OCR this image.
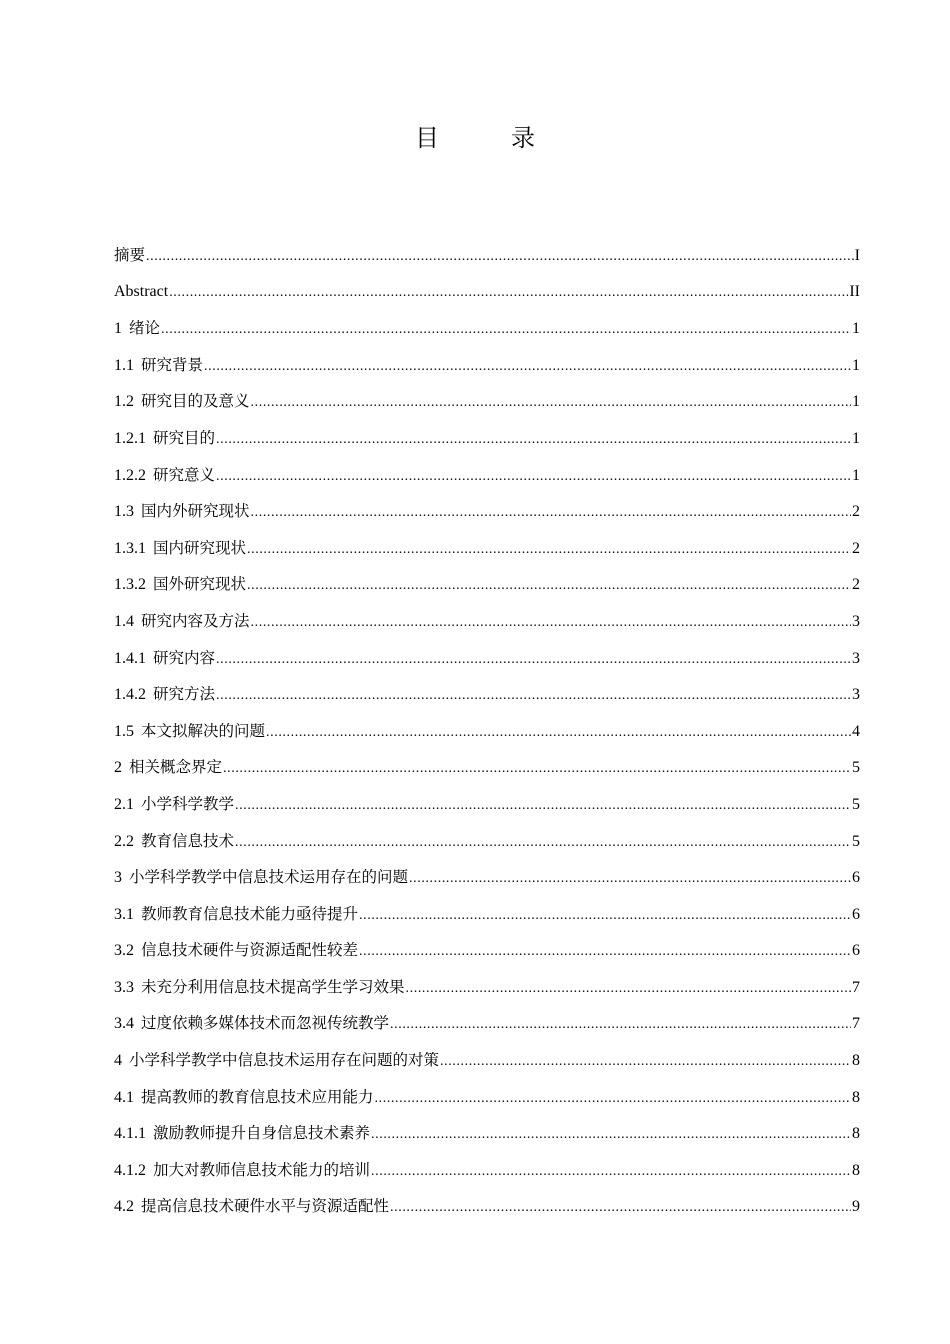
目　录
摘要 .....	I
Abstract .....	II
1 绪论 .....	1
1.1 研究背景 .....	1
1.2 研究目的及意义 .....	1
1.2.1 研究目的 .....	1
1.2.2 研究意义 .....	1
1.3 国内外研究现状 .....	2
1.3.1 国内研究现状 .....	2
1.3.2 国外研究现状 .....	2
1.4 研究内容及方法 .....	3
1.4.1 研究内容 .....	3
1.4.2 研究方法 .....	3
1.5 本文拟解决的问题 .....	4
2 相关概念界定 .....	5
2.1 小学科学教学 .....	5
2.2 教育信息技术 .....	5
3 小学科学教学中信息技术运用存在的问题 .....	6
3.1 教师教育信息技术能力亟待提升 .....	6
3.2 信息技术硬件与资源适配性较差 .....	6
3.3 未充分利用信息技术提高学生学习效果 .....	7
3.4 过度依赖多媒体技术而忽视传统教学 .....	7
4 小学科学教学中信息技术运用存在问题的对策 .....	8
4.1 提高教师的教育信息技术应用能力 .....	8
4.1.1 激励教师提升自身信息技术素养 .....	8
4.1.2 加大对教师信息技术能力的培训 .....	8
4.2 提高信息技术硬件水平与资源适配性 .....	9
